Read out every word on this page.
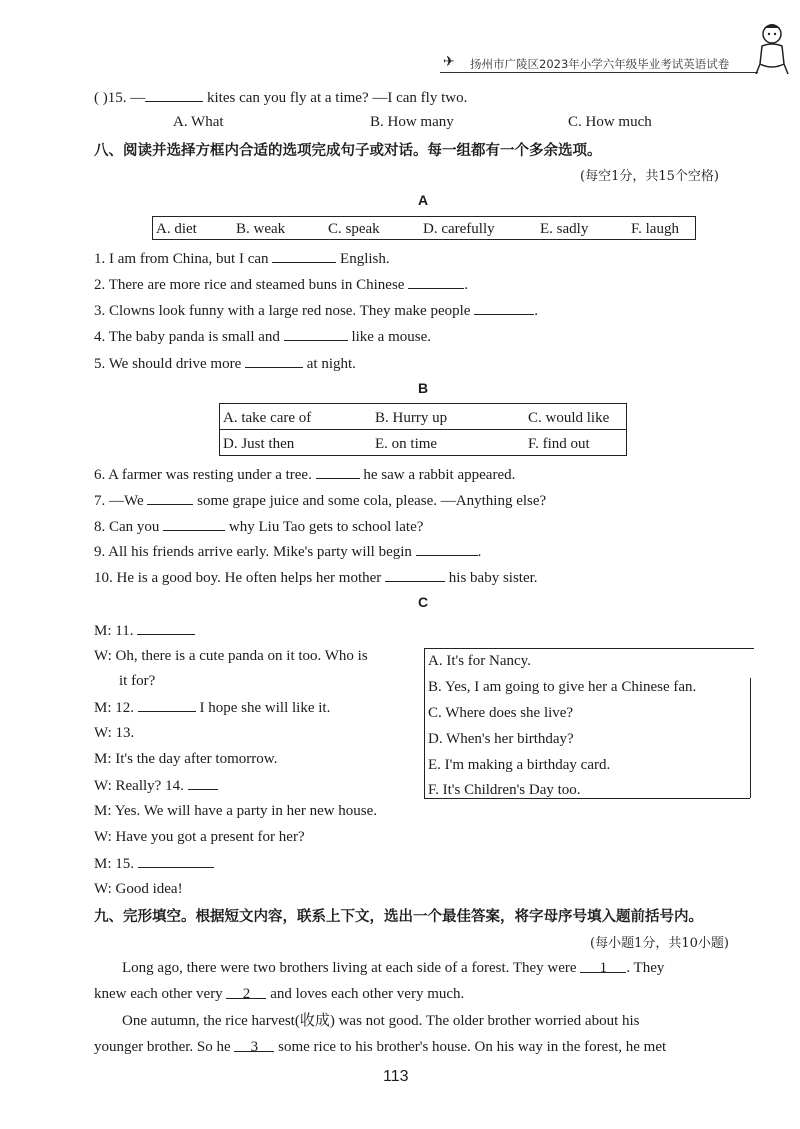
✈ 扬州市广陵区2023年小学六年级毕业考试英语试卷
( )15. —	kites can you fly at a time? —I can fly two.
A. What	B. How many	C. How much
八、阅读并选择方框内合适的选项完成句子或对话。每一组都有一个多余选项。
(每空1分，共15个空格)
A
A. diet	B. weak	C. speak	D. carefully	E. sadly	F. laugh
1. I am from China, but I can	English.
2. There are more rice and steamed buns in Chinese	.
3. Clowns look funny with a large red nose. They make people	.
4. The baby panda is small and	like a mouse.
5. We should drive more	at night.
B
A. take care of	B. Hurry up	C. would like
D. Just then	E. on time	F. find out
6. A farmer was resting under a tree.	he saw a rabbit appeared.
7. —We	some grape juice and some cola, please. —Anything else?
8. Can you	why Liu Tao gets to school late?
9. All his friends arrive early. Mike's party will begin	.
10. He is a good boy. He often helps her mother	his baby sister.
C
M: 11.
W: Oh, there is a cute panda on it too. Who is
it for?
M: 12.	I hope she will like it.
W: 13.
M: It's the day after tomorrow.
W: Really? 14.
M: Yes. We will have a party in her new house.
W: Have you got a present for her?
M: 15.
W: Good idea!
A. It's for Nancy.
B. Yes, I am going to give her a Chinese fan.
C. Where does she live?
D. When's her birthday?
E. I'm making a birthday card.
F. It's Children's Day too.
九、完形填空。根据短文内容，联系上下文，选出一个最佳答案，将字母序号填入题前括号内。
(每小题1分，共10小题)
Long ago, there were two brothers living at each side of a forest. They were 1 . They
knew each other very 2 and loves each other very much.
One autumn, the rice harvest(收成) was not good. The older brother worried about his
younger brother. So he 3 some rice to his brother's house. On his way in the forest, he met
113
